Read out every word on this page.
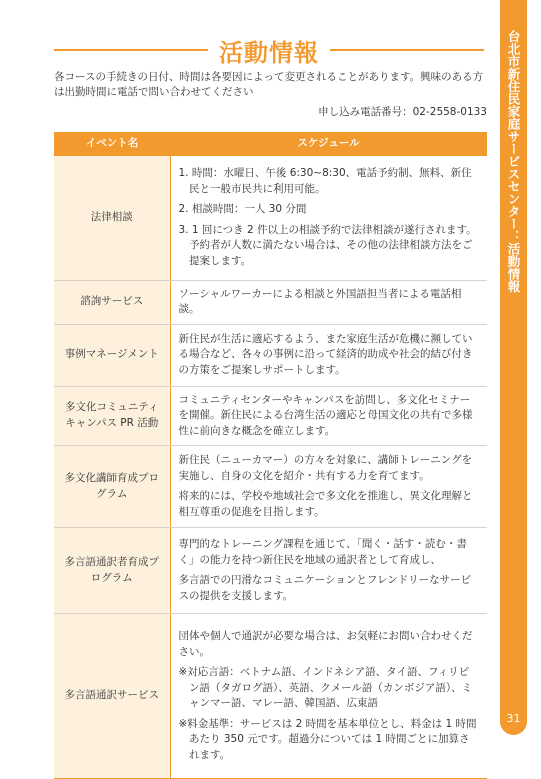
台北市新住民家庭サービスセンター：活動情報
31
活動情報
各コースの手続きの日付、時間は各要因によって変更されることがあります。興味のある方は出勤時間に電話で問い合わせてください
申し込み電話番号：02-2558-0133
イベント名	スケジュール
法律相談	1. 時間：水曜日、午後 6:30~8:30、電話予約制、無料、新住民と一般市民共に利用可能。

2. 相談時間：一人 30 分間

3. 1 回につき 2 件以上の相談予約で法律相談が遂行されます。予約者が人数に満たない場合は、その他の法律相談方法をご提案します。

諮詢サービス	ソーシャルワーカーによる相談と外国語担当者による電話相談。

事例マネージメント	新住民が生活に適応するよう、また家庭生活が危機に瀕している場合など、各々の事例に沿って経済的助成や社会的結び付きの方策をご提案しサポートします。

多文化コミュニティキャンパス PR 活動	コミュニティセンターやキャンパスを訪問し、多文化セミナーを開催。新住民による台湾生活の適応と母国文化の共有で多様性に前向きな概念を確立します。

多文化講師育成プログラム	新住民（ニューカマー）の方々を対象に、講師トレーニングを実施し、自身の文化を紹介・共有する力を育てます。

将来的には、学校や地域社会で多文化を推進し、異文化理解と相互尊重の促進を目指します。

多言語通訳者育成プログラム	専門的なトレーニング課程を通じて、「聞く・話す・読む・書く」の能力を持つ新住民を地域の通訳者として育成し、

多言語での円滑なコミュニケーションとフレンドリーなサービスの提供を支援します。

多言語通訳サービス	団体や個人で通訳が必要な場合は、お気軽にお問い合わせください。

※対応言語：ベトナム語、インドネシア語、タイ語、フィリピン語（タガログ語）、英語、クメール語（カンボジア語）、ミャンマー語、マレー語、韓国語、広東語

※料金基準：サービスは 2 時間を基本単位とし、料金は 1 時間あたり 350 元です。超過分については 1 時間ごとに加算されます。
